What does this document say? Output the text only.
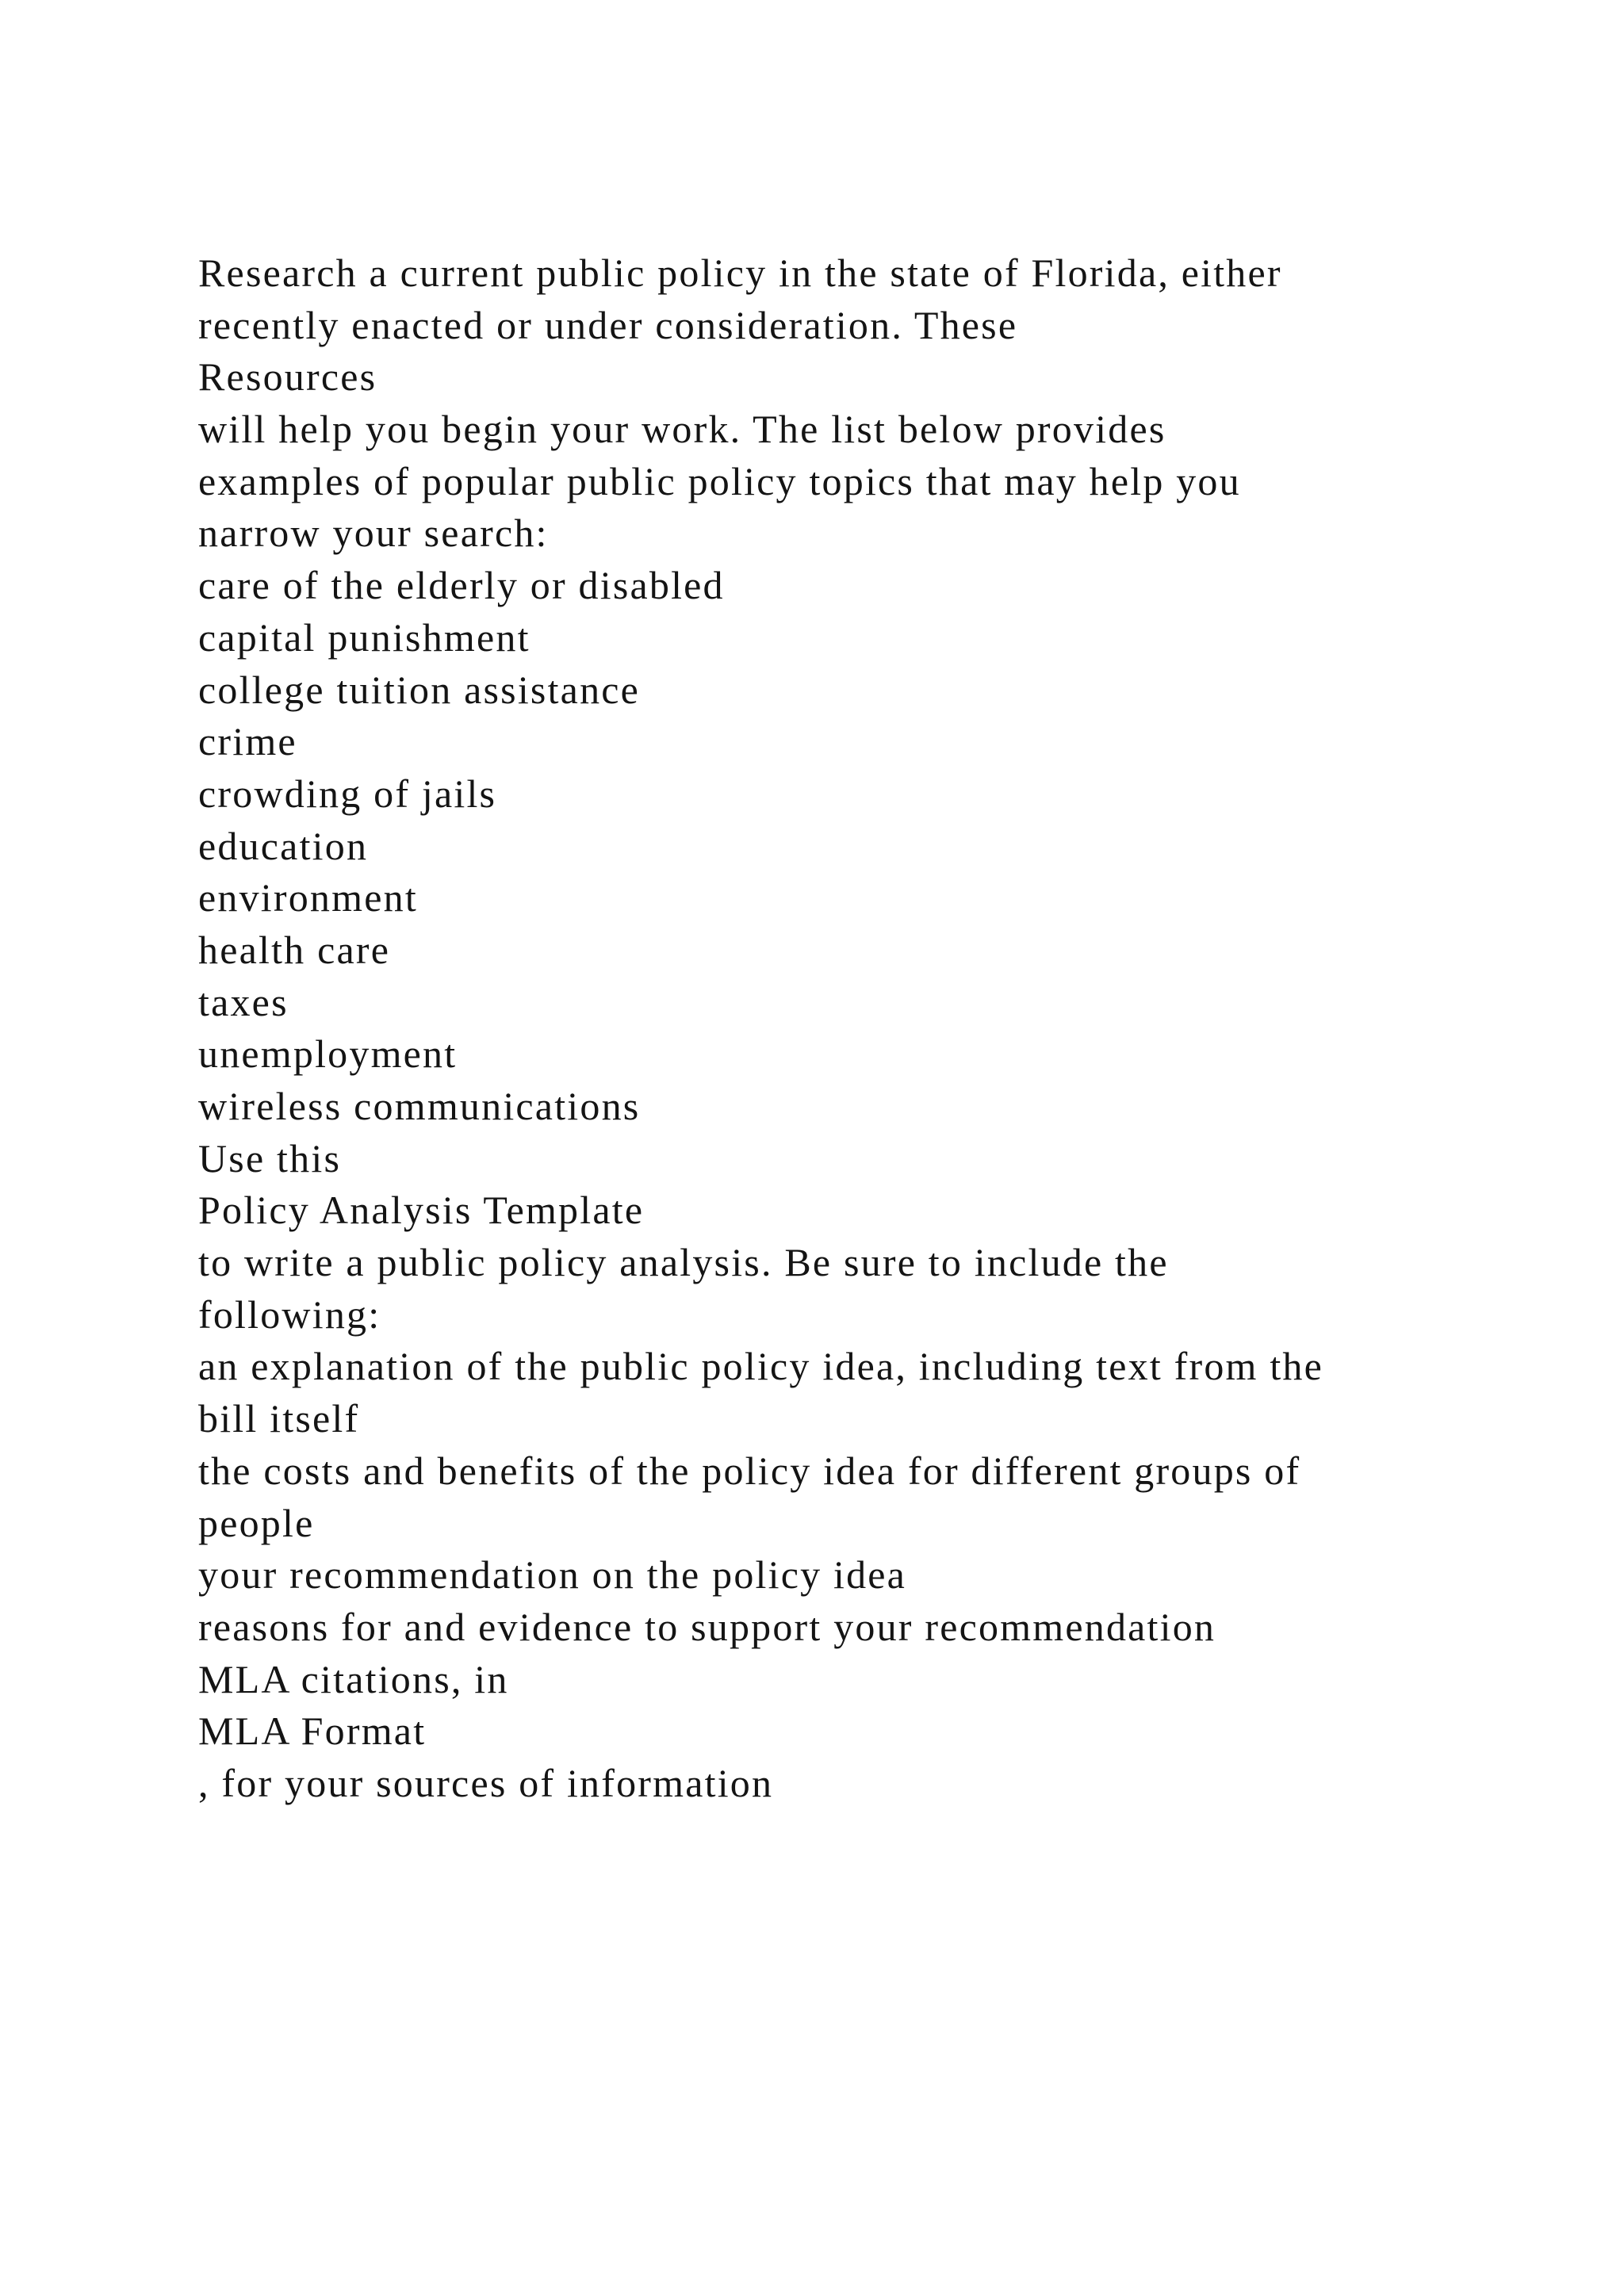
Research a current public policy in the state of Florida, either
recently enacted or under consideration. These
Resources
will help you begin your work. The list below provides
examples of popular public policy topics that may help you
narrow your search:
care of the elderly or disabled
capital punishment
college tuition assistance
crime
crowding of jails
education
environment
health care
taxes
unemployment
wireless communications
Use this
Policy Analysis Template
to write a public policy analysis. Be sure to include the
following:
an explanation of the public policy idea, including text from the
bill itself
the costs and benefits of the policy idea for different groups of
people
your recommendation on the policy idea
reasons for and evidence to support your recommendation
MLA citations, in
MLA Format
, for your sources of information
